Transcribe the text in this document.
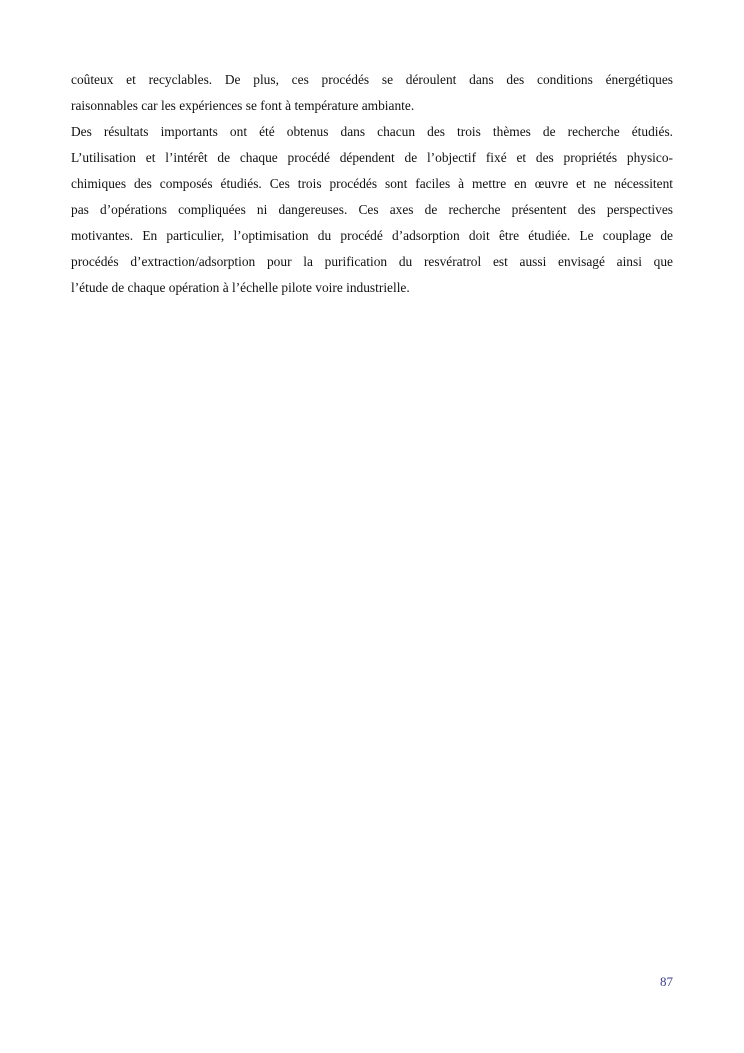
coûteux et recyclables. De plus, ces procédés se déroulent dans des conditions énergétiques
raisonnables car les expériences se font à température ambiante.
Des résultats importants ont été obtenus dans chacun des trois thèmes de recherche étudiés.
L’utilisation et l’intérêt de chaque procédé dépendent de l’objectif fixé et des propriétés physico-
chimiques des composés étudiés. Ces trois procédés sont faciles à mettre en œuvre et ne nécessitent
pas d’opérations compliquées ni dangereuses. Ces axes de recherche présentent des perspectives
motivantes. En particulier, l’optimisation du procédé d’adsorption doit être étudiée. Le couplage de
procédés d’extraction/adsorption pour la purification du resvératrol est aussi envisagé ainsi que
l’étude de chaque opération à l’échelle pilote voire industrielle.
87
